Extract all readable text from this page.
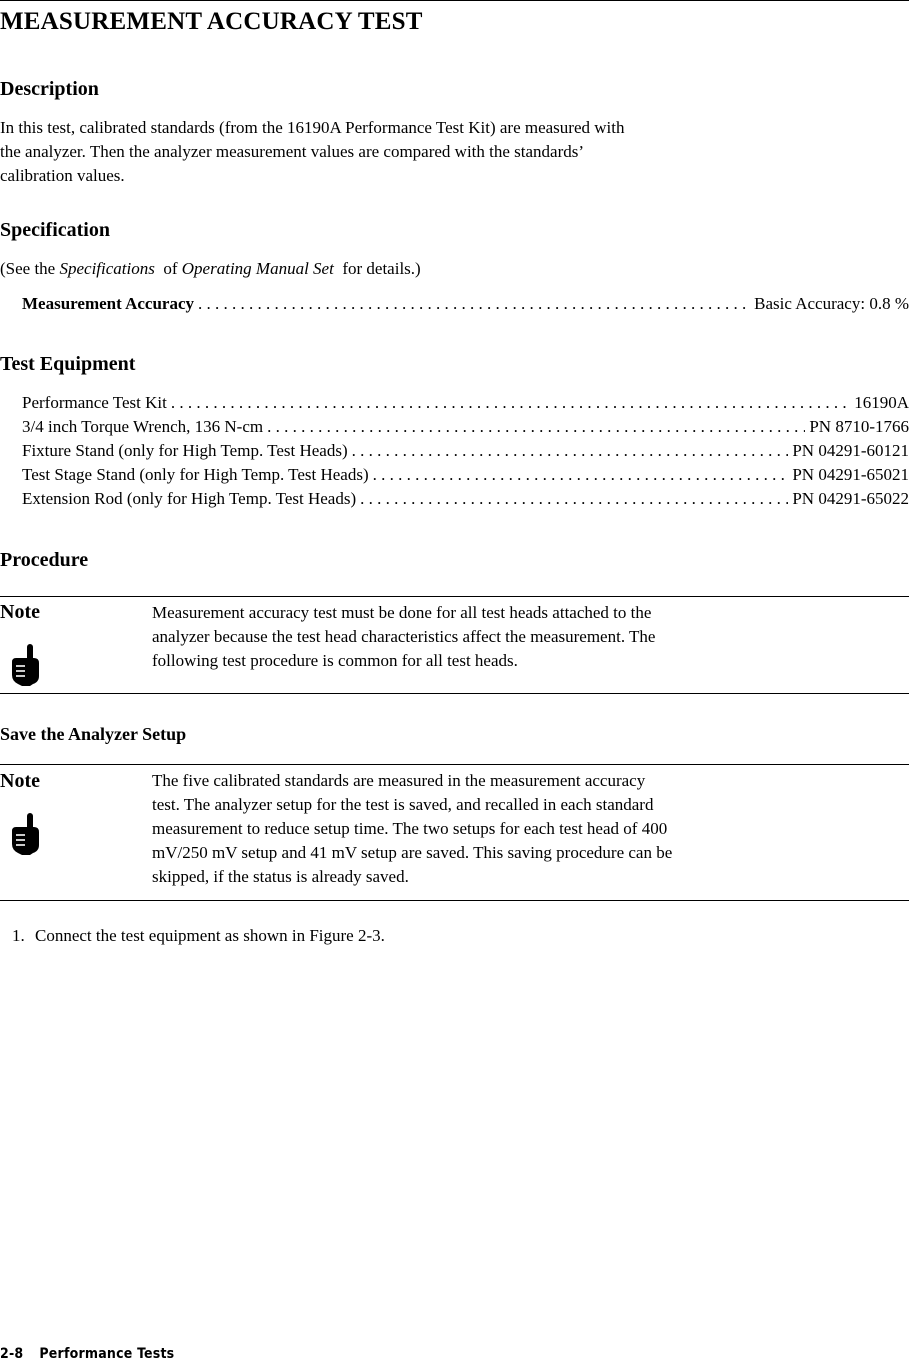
MEASUREMENT ACCURACY TEST
Description

In this test, calibrated standards (from the 16190A Performance Test Kit) are measured with

the analyzer. Then the analyzer measurement values are compared with the standards’

calibration values.

Specification

(See the Specifications  of Operating Manual Set  for details.)

Measurement Accuracy . . .	Basic Accuracy: 0.8 %
Test Equipment
Performance Test Kit . . .	16190A
3/4 inch Torque Wrench, 136 N-cm . . .	PN 8710-1766
Fixture Stand (only for High Temp. Test Heads) . . .	PN 04291-60121
Test Stage Stand (only for High Temp. Test Heads) . . .	PN 04291-65021
Extension Rod (only for High Temp. Test Heads) . . .	PN 04291-65022
Procedure
Note	Measurement accuracy test must be done for all test heads attached to the

analyzer because the test head characteristics affect the measurement. The

following test procedure is common for all test heads.

Save the Analyzer Setup
Note	The five calibrated standards are measured in the measurement accuracy

test. The analyzer setup for the test is saved, and recalled in each standard

measurement to reduce setup time. The two setups for each test head of 400

mV/250 mV setup and 41 mV setup are saved. This saving procedure can be

skipped, if the status is already saved.

1. Connect the test equipment as shown in Figure 2-3.
2-8 Performance Tests
